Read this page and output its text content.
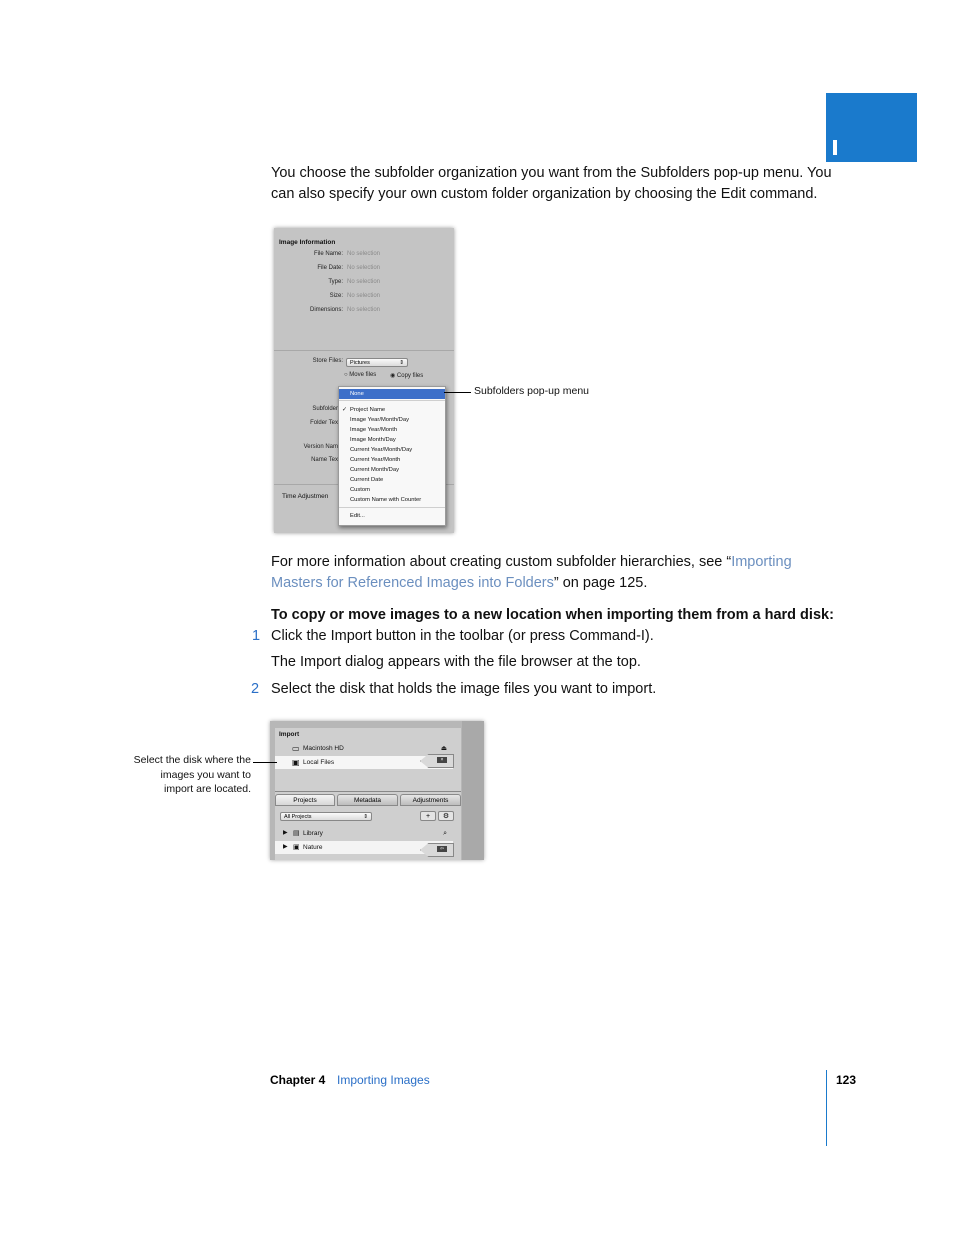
You choose the subfolder organization you want from the Subfolders pop-up menu. You
can also specify your own custom folder organization by choosing the Edit command.
Image Information
File Name: No selection
File Date: No selection
Type: No selection
Size: No selection
Dimensions: No selection
Store Files:	Pictures	⇕
○ Move files ◉ Copy files
Subfolder
Folder Tex
Version Nam
Name Tex
Time Adjustmen
None
✓ Project Name
Image Year/Month/Day
Image Year/Month
Image Month/Day
Current Year/Month/Day
Current Year/Month
Current Month/Day
Current Date
Custom
Custom Name with Counter
Edit...
Subfolders pop-up menu
For more information about creating custom subfolder hierarchies, see “Importing
Masters for Referenced Images into Folders” on page 125.
To copy or move images to a new location when importing them from a hard disk:
1 Click the Import button in the toolbar (or press Command-I).
The Import dialog appears with the file browser at the top.
2 Select the disk that holds the image files you want to import.
Import
Macintosh HD
▭	⏏
Local Files
▣
Projects	Metadata	Adjustments
All Projects	⇕	+	⚙
▶ ▤ Library	⌕
▶ ▣ Nature
×
⇦
Select the disk where the
images you want to
import are located.
Chapter 4 Importing Images	123
